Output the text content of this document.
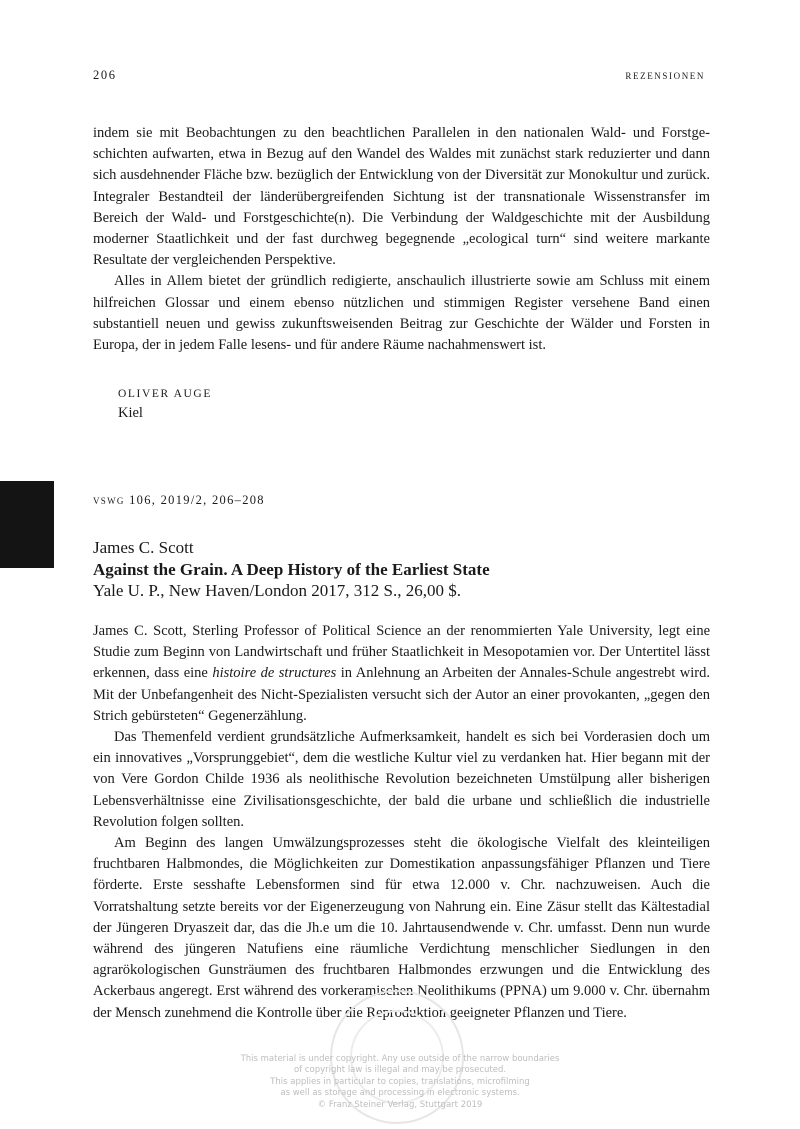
206	rezensionen

indem sie mit Beobachtungen zu den beachtlichen Parallelen in den nationalen Wald- und Forstgeschichten aufwarten, etwa in Bezug auf den Wandel des Waldes mit zunächst stark reduzierter und dann sich ausdehnender Fläche bzw. bezüglich der Entwicklung von der Diversität zur Monokultur und zurück. Integraler Bestandteil der länderübergreifenden Sichtung ist der transnationale Wissenstransfer im Bereich der Wald- und Forstgeschichte(n). Die Verbindung der Waldgeschichte mit der Ausbildung moderner Staatlichkeit und der fast durchweg begegnende „ecological turn“ sind weitere markante Resultate der vergleichenden Perspektive.

Alles in Allem bietet der gründlich redigierte, anschaulich illustrierte sowie am Schluss mit einem hilfreichen Glossar und einem ebenso nützlichen und stimmigen Register versehene Band einen substantiell neuen und gewiss zukunftsweisenden Beitrag zur Geschichte der Wälder und Forsten in Europa, der in jedem Falle lesens- und für andere Räume nachahmenswert ist.

OLIVER AUGE
Kiel
vswg 106, 2019/2, 206–208
James C. Scott
Against the Grain. A Deep History of the Earliest State
Yale U. P., New Haven/London 2017, 312 S., 26,00 $.

James C. Scott, Sterling Professor of Political Science an der renommierten Yale University, legt eine Studie zum Beginn von Landwirtschaft und früher Staatlichkeit in Mesopotamien vor. Der Untertitel lässt erkennen, dass eine histoire de structures in Anlehnung an Arbeiten der Annales-Schule angestrebt wird. Mit der Unbefangenheit des Nicht-Spezialisten versucht sich der Autor an einer provokanten, „gegen den Strich gebürsteten“ Gegenerzählung.

Das Themenfeld verdient grundsätzliche Aufmerksamkeit, handelt es sich bei Vorderasien doch um ein innovatives „Vorsprunggebiet“, dem die westliche Kultur viel zu verdanken hat. Hier begann mit der von Vere Gordon Childe 1936 als neolithische Revolution bezeichneten Umstülpung aller bisherigen Lebensverhältnisse eine Zivilisationsgeschichte, der bald die urbane und schließlich die industrielle Revolution folgen sollten.

Am Beginn des langen Umwälzungsprozesses steht die ökologische Vielfalt des kleinteiligen fruchtbaren Halbmondes, die Möglichkeiten zur Domestikation anpassungsfähiger Pflanzen und Tiere förderte. Erste sesshafte Lebensformen sind für etwa 12.000 v. Chr. nachzuweisen. Auch die Vorratshaltung setzte bereits vor der Eigenerzeugung von Nahrung ein. Eine Zäsur stellt das Kältestadial der Jüngeren Dryaszeit dar, das die Jh.e um die 10. Jahrtausendwende v. Chr. umfasst. Denn nun wurde während des jüngeren Natufiens eine räumliche Verdichtung menschlicher Siedlungen in den agrarökologischen Gunsträumen des fruchtbaren Halbmondes erzwungen und die Entwicklung des Ackerbaus angeregt. Erst während des vorkeramischen Neolithikums (PPNA) um 9.000 v. Chr. übernahm der Mensch zunehmend die Kontrolle über die Reproduktion geeigneter Pflanzen und Tiere.

This material is under copyright. Any use outside of the narrow boundaries
of copyright law is illegal and may be prosecuted.
This applies in particular to copies, translations, microfilming
as well as storage and processing in electronic systems.
© Franz Steiner Verlag, Stuttgart 2019
